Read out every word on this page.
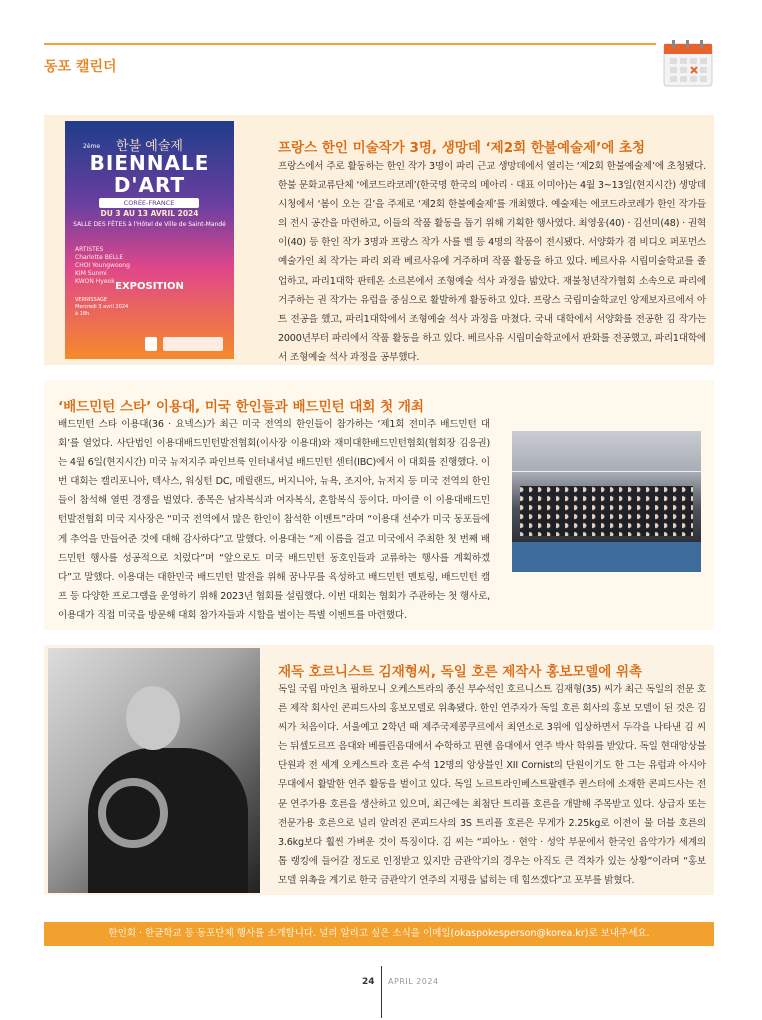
동포 캘린더
한불 예술제
2ème
BIENNALE
D'ART
CORÉE-FRANCE
DU 3 AU 13 AVRIL 2024
SALLE DES FÊTES à l'Hôtel de Ville de Saint-Mandé
ARTISTES
Charlotte BELLE
CHOI Youngwoong
KIM Sunmi
KWON Hyeok EXPOSITION
VERNISSAGE
Mercredi 3 avril 2024
à 18h
프랑스 한인 미술작가 3명, 생망데 ‘제2회 한불예술제’에 초청
프랑스에서 주로 활동하는 한인 작가 3명이 파리 근교 생망데에서 열리는 ‘제2회 한불예술제’에 초청됐다. 한불 문화교류단체 ‘에코드라코레’(한국명 한국의 메아리 · 대표 이미아)는 4월 3~13일(현지시간) 생망데시청에서 ‘봄이 오는 길’을 주제로 ‘제2회 한불예술제’를 개최했다. 예술제는 에코드라코레가 한인 작가들의 전시 공간을 마련하고, 이들의 작품 활동을 돕기 위해 기획한 행사였다. 최영웅(40) · 김선미(48) · 권혁이(40) 등 한인 작가 3명과 프랑스 작가 사를 벨 등 4명의 작품이 전시됐다. 서양화가 겸 비디오 퍼포먼스 예술가인 최 작가는 파리 외곽 베르사유에 거주하며 작품 활동을 하고 있다. 베르사유 시립미술학교를 졸업하고, 파리1대학 판테온 소르본에서 조형예술 석사 과정을 밟았다. 재불청년작가협회 소속으로 파리에 거주하는 권 작가는 유럽을 중심으로 활발하게 활동하고 있다. 프랑스 국립미술학교인 앙제보자르에서 아트 전공을 했고, 파리1대학에서 조형예술 석사 과정을 마쳤다. 국내 대학에서 서양화를 전공한 김 작가는 2000년부터 파리에서 작품 활동을 하고 있다. 베르사유 시립미술학교에서 판화를 전공했고, 파리1대학에서 조형예술 석사 과정을 공부했다.
‘배드민턴 스타’ 이용대, 미국 한인들과 배드민턴 대회 첫 개최
배드민턴 스타 이용대(36 · 요넥스)가 최근 미국 전역의 한인들이 참가하는 ‘제1회 전미주 배드민턴 대회’를 열었다. 사단법인 이용대배드민턴발전협회(이사장 이용대)와 재미대한배드민턴협회(협회장 김응권)는 4월 6일(현지시간) 미국 뉴저지주 파인브룩 인터내셔널 배드민턴 센터(IBC)에서 이 대회를 진행했다. 이번 대회는 캘리포니아, 텍사스, 워싱턴 DC, 메릴랜드, 버지니아, 뉴욕, 조지아, 뉴저지 등 미국 전역의 한인들이 참석해 열띤 경쟁을 벌였다. 종목은 남자복식과 여자복식, 혼합복식 등이다. 마이클 이 이용대배드민턴발전협회 미국 지사장은 “미국 전역에서 많은 한인이 참석한 이벤트”라며 “이용대 선수가 미국 동포들에게 추억을 만들어준 것에 대해 감사하다”고 말했다. 이용대는 “제 이름을 걸고 미국에서 주최한 첫 번째 배드민턴 행사를 성공적으로 치렀다”며 “앞으로도 미국 배드민턴 동호인들과 교류하는 행사를 계획하겠다”고 말했다. 이용대는 대한민국 배드민턴 발전을 위해 꿈나무를 육성하고 배드민턴 멘토링, 배드민턴 캠프 등 다양한 프로그램을 운영하기 위해 2023년 협회를 설립했다. 이번 대회는 협회가 주관하는 첫 행사로, 이용대가 직접 미국을 방문해 대회 참가자들과 시합을 벌이는 특별 이벤트를 마련했다.
재독 호르니스트 김재형씨, 독일 호른 제작사 홍보모델에 위촉
독일 국립 마인츠 필하모니 오케스트라의 종신 부수석인 호르니스트 김재형(35) 씨가 최근 독일의 전문 호른 제작 회사인 콘피드사의 홍보모델로 위촉됐다. 한인 연주자가 독일 호른 회사의 홍보 모델이 된 것은 김 씨가 처음이다. 서울예고 2학년 때 제주국제콩쿠르에서 최연소로 3위에 입상하면서 두각을 나타낸 김 씨는 뒤셀도르프 음대와 베를린음대에서 수학하고 뮌헨 음대에서 연주 박사 학위를 받았다. 독일 현대앙상블 단원과 전 세계 오케스트라 호른 수석 12명의 앙상블인 XII Cornist의 단원이기도 한 그는 유럽과 아시아 무대에서 활발한 연주 활동을 벌이고 있다. 독일 노르트라인베스트팔렌주 퀸스터에 소재한 콘피드사는 전문 연주가용 호른을 생산하고 있으며, 최근에는 최첨단 트리플 호른을 개발해 주목받고 있다. 상급자 또는 전문가용 호른으로 널리 알려진 콘피드사의 3S 트리플 호른은 무게가 2.25kg로 이전이 물 더블 호른의 3.6kg보다 훨씬 가벼운 것이 특징이다. 김 씨는 “피아노 · 현악 · 성악 부문에서 한국인 음악가가 세계의 톱 랭킹에 들어갈 정도로 인정받고 있지만 금관악기의 경우는 아직도 큰 격차가 있는 상황”이라며 “홍보 모델 위촉을 계기로 한국 금관악기 연주의 지평을 넓히는 데 힘쓰겠다”고 포부를 밝혔다.
한인회 · 한글학교 등 동포단체 행사를 소개합니다. 널리 알리고 싶은 소식을 이메일(okaspokesperson@korea.kr)로 보내주세요.
24 APRIL 2024
